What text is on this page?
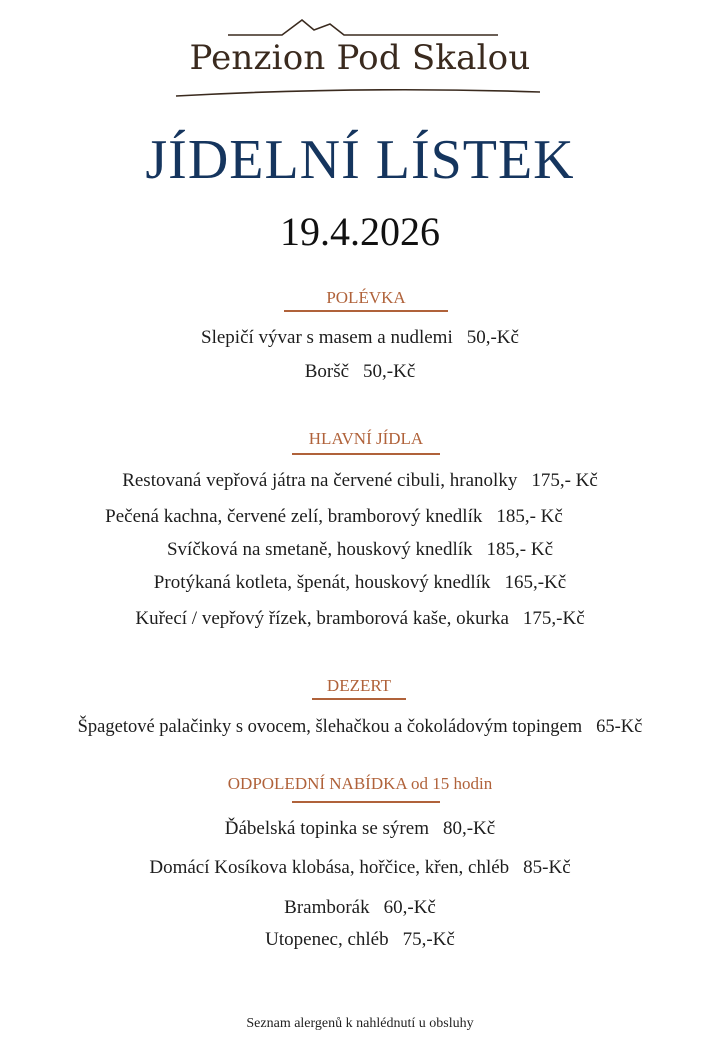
Penzion Pod Skalou
JÍDELNÍ LÍSTEK
19.4.2026
POLÉVKA
Slepičí vývar s masem a nudlemi 50,-Kč
Boršč 50,-Kč
HLAVNÍ JÍDLA
Restovaná vepřová játra na červené cibuli, hranolky 175,- Kč
Pečená kachna, červené zelí, bramborový knedlík 185,- Kč
Svíčková na smetaně, houskový knedlík 185,- Kč
Protýkaná kotleta, špenát, houskový knedlík 165,-Kč
Kuřecí / vepřový řízek, bramborová kaše, okurka 175,-Kč
DEZERT
Špagetové palačinky s ovocem, šlehačkou a čokoládovým topingem 65-Kč
ODPOLEDNÍ NABÍDKA od 15 hodin
Ďábelská topinka se sýrem 80,-Kč
Domácí Kosíkova klobása, hořčice, křen, chléb 85-Kč
Bramborák 60,-Kč
Utopenec, chléb 75,-Kč
Seznam alergenů k nahlédnutí u obsluhy
